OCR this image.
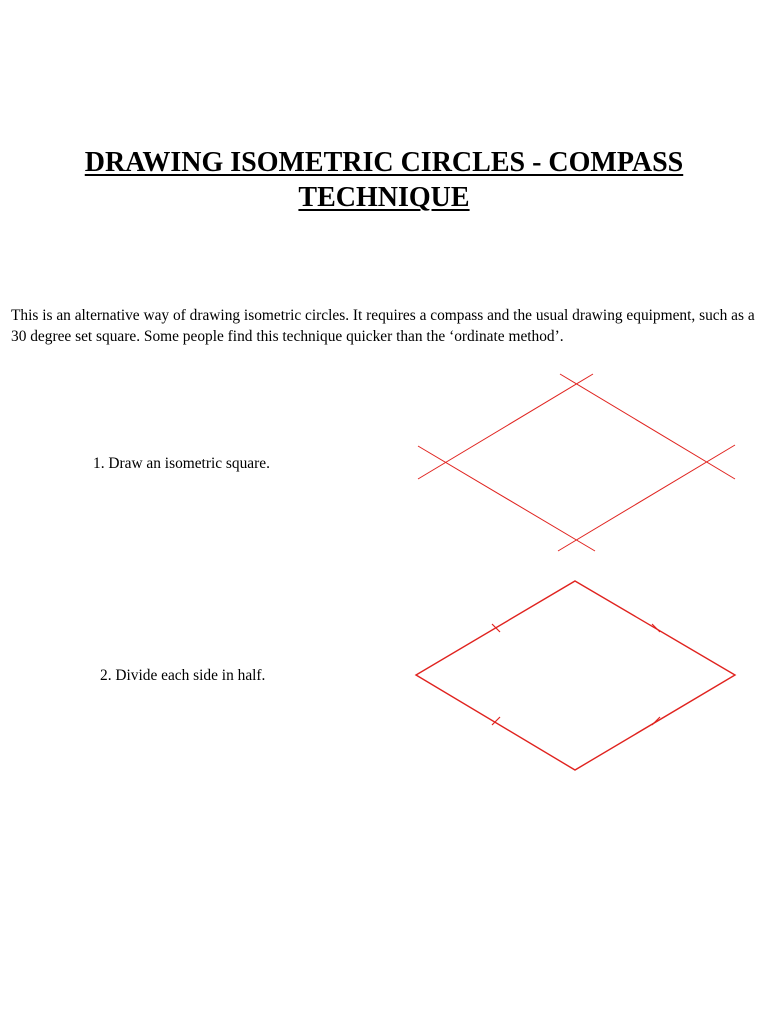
DRAWING ISOMETRIC CIRCLES - COMPASS
TECHNIQUE

This is an alternative way of drawing isometric circles. It requires a compass and the usual drawing equipment, such as a 30 degree set square. Some people find this technique quicker than the ‘ordinate method’.

1. Draw an isometric square.
2. Divide each side in half.
